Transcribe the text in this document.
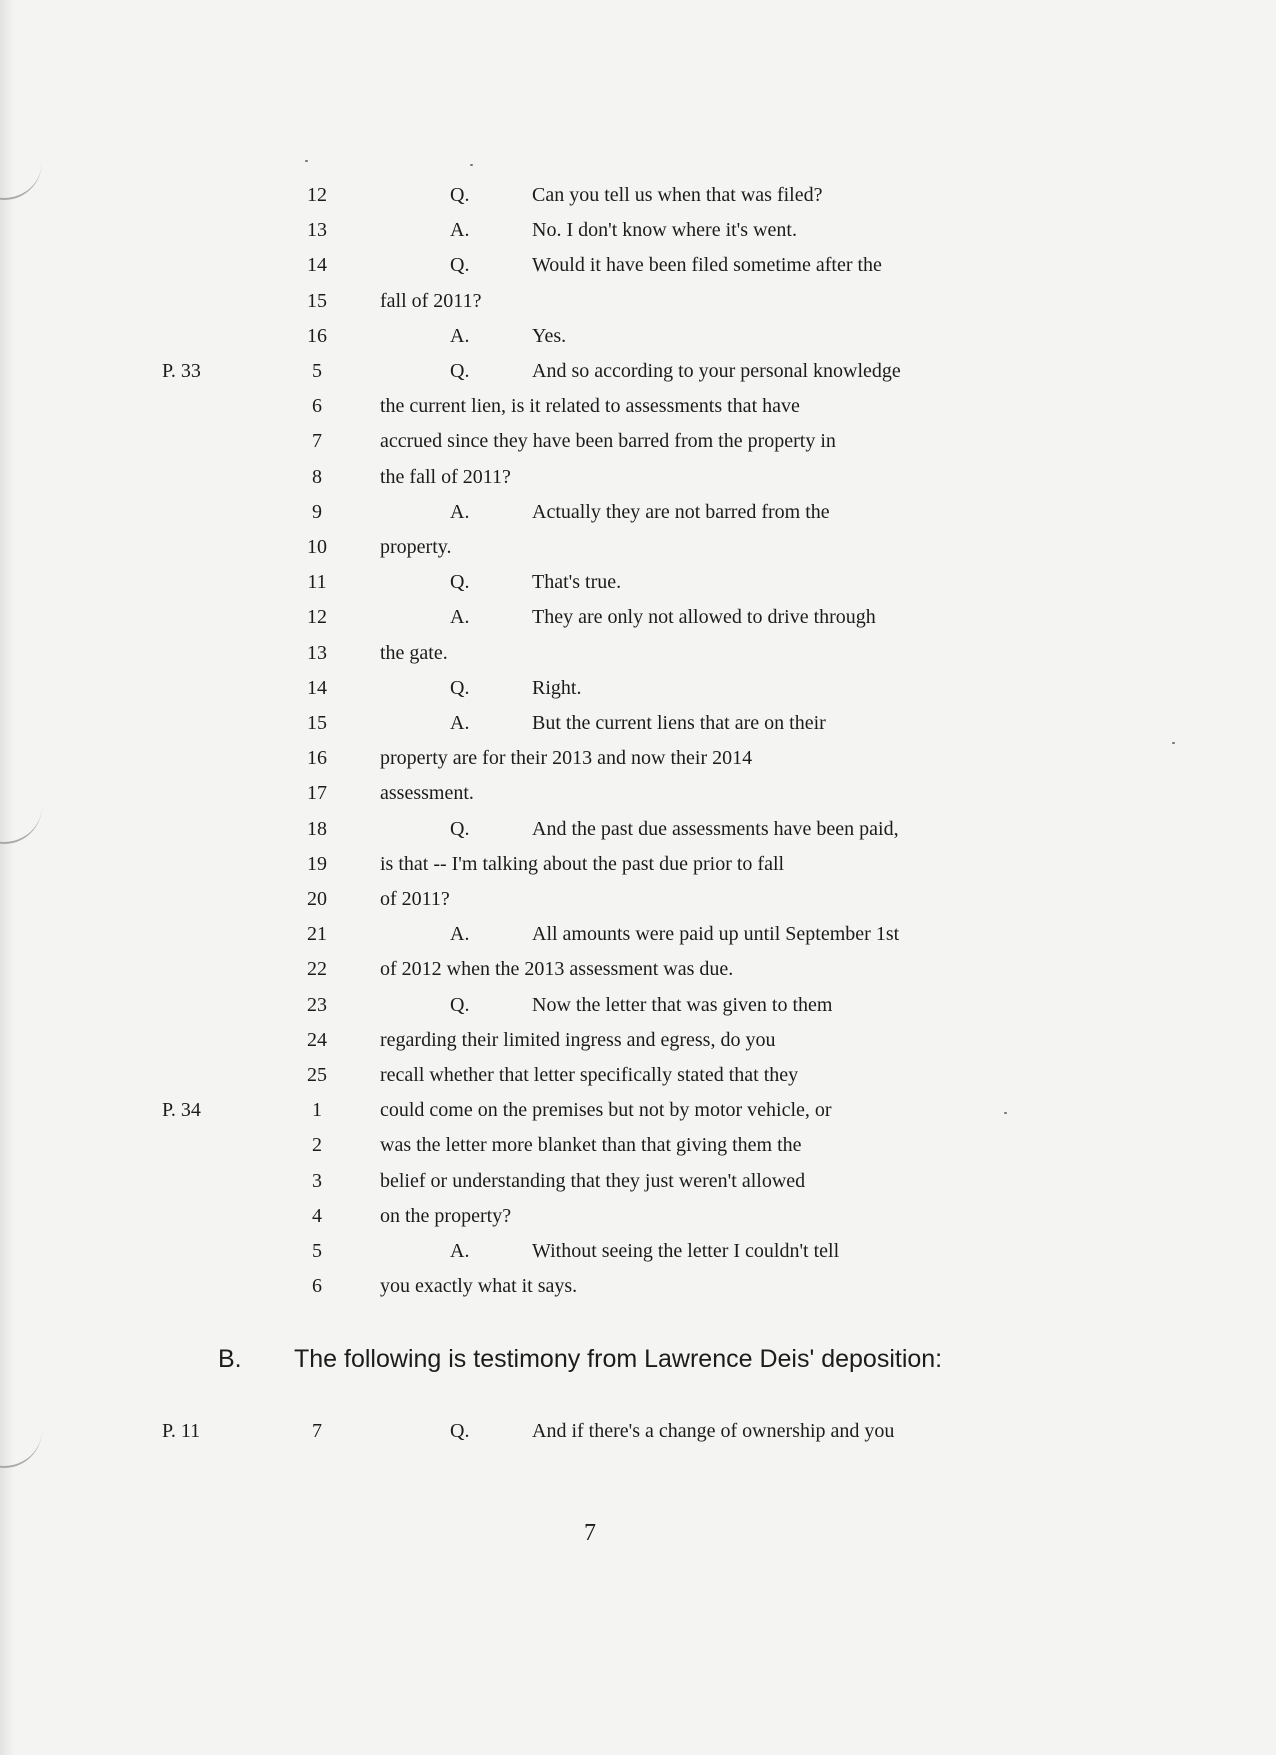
12	Q.	Can you tell us when that was filed?
13	A.	No. I don't know where it's went.
14	Q.	Would it have been filed sometime after the
15	fall of 2011?
16	A.	Yes.
P. 33	5	Q.	And so according to your personal knowledge
6	the current lien, is it related to assessments that have
7	accrued since they have been barred from the property in
8	the fall of 2011?
9	A.	Actually they are not barred from the
10	property.
11	Q.	That's true.
12	A.	They are only not allowed to drive through
13	the gate.
14	Q.	Right.
15	A.	But the current liens that are on their
16	property are for their 2013 and now their 2014
17	assessment.
18	Q.	And the past due assessments have been paid,
19	is that -- I'm talking about the past due prior to fall
20	of 2011?
21	A.	All amounts were paid up until September 1st
22	of 2012 when the 2013 assessment was due.
23	Q.	Now the letter that was given to them
24	regarding their limited ingress and egress, do you
25	recall whether that letter specifically stated that they
P. 34	1	could come on the premises but not by motor vehicle, or
2	was the letter more blanket than that giving them the
3	belief or understanding that they just weren't allowed
4	on the property?
5	A.	Without seeing the letter I couldn't tell
6	you exactly what it says.
B. The following is testimony from Lawrence Deis' deposition:
P. 11	7	Q.	And if there's a change of ownership and you
7
